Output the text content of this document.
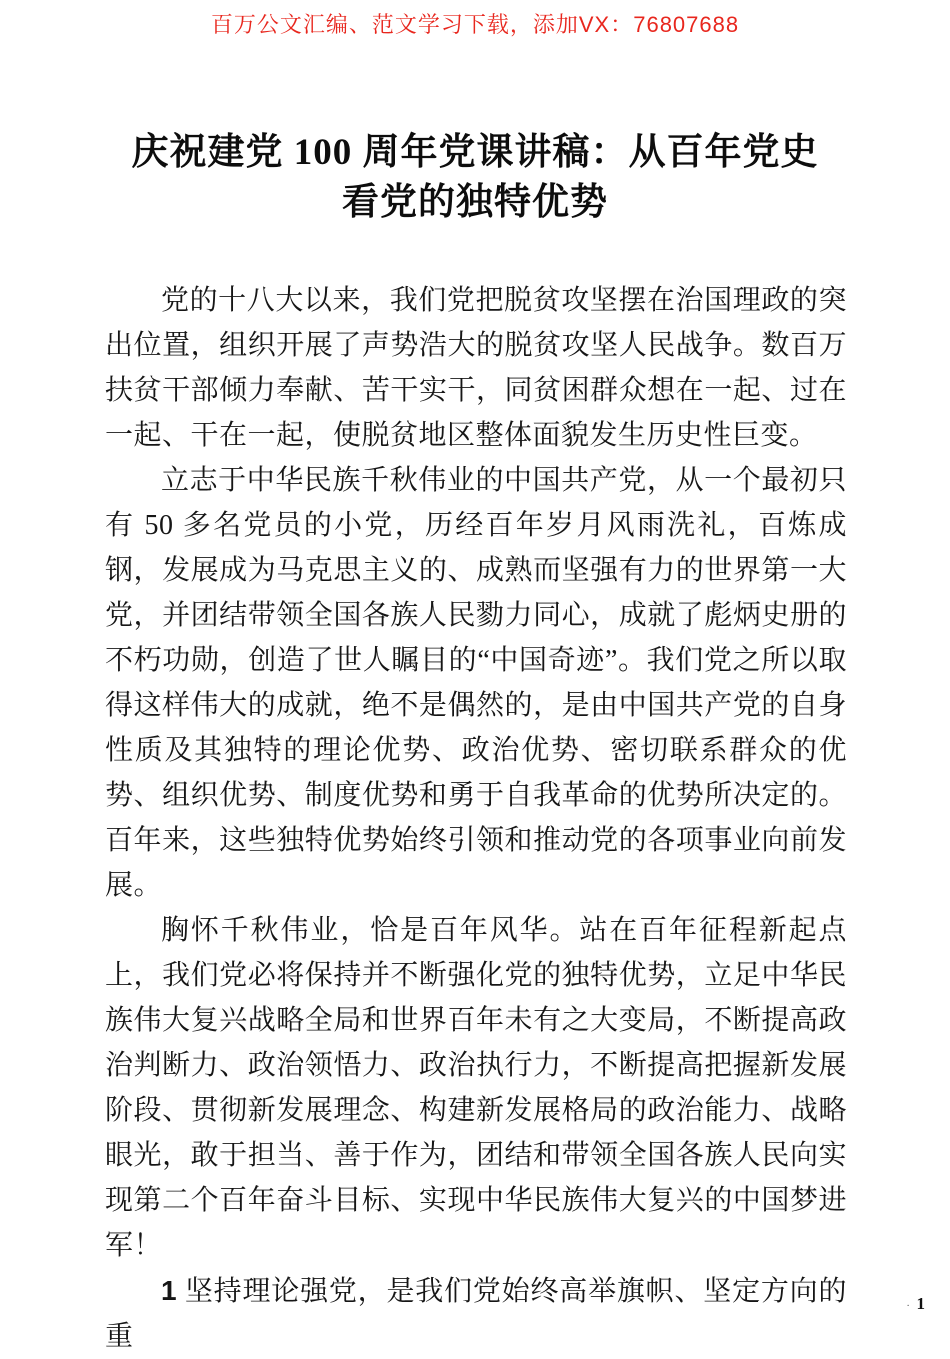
百万公文汇编、范文学习下载，添加VX：76807688
庆祝建党 100 周年党课讲稿：从百年党史看党的独特优势

党的十八大以来，我们党把脱贫攻坚摆在治国理政的突出位置，组织开展了声势浩大的脱贫攻坚人民战争。数百万扶贫干部倾力奉献、苦干实干，同贫困群众想在一起、过在一起、干在一起，使脱贫地区整体面貌发生历史性巨变。

立志于中华民族千秋伟业的中国共产党，从一个最初只有 50 多名党员的小党，历经百年岁月风雨洗礼，百炼成钢，发展成为马克思主义的、成熟而坚强有力的世界第一大党，并团结带领全国各族人民勠力同心，成就了彪炳史册的不朽功勋，创造了世人瞩目的“中国奇迹”。我们党之所以取得这样伟大的成就，绝不是偶然的，是由中国共产党的自身性质及其独特的理论优势、政治优势、密切联系群众的优势、组织优势、制度优势和勇于自我革命的优势所决定的。百年来，这些独特优势始终引领和推动党的各项事业向前发展。

胸怀千秋伟业，恰是百年风华。站在百年征程新起点上，我们党必将保持并不断强化党的独特优势，立足中华民族伟大复兴战略全局和世界百年未有之大变局，不断提高政治判断力、政治领悟力、政治执行力，不断提高把握新发展阶段、贯彻新发展理念、构建新发展格局的政治能力、战略眼光，敢于担当、善于作为，团结和带领全国各族人民向实现第二个百年奋斗目标、实现中华民族伟大复兴的中国梦进军！

1 坚持理论强党，是我们党始终高举旗帜、坚定方向的重

. 1
